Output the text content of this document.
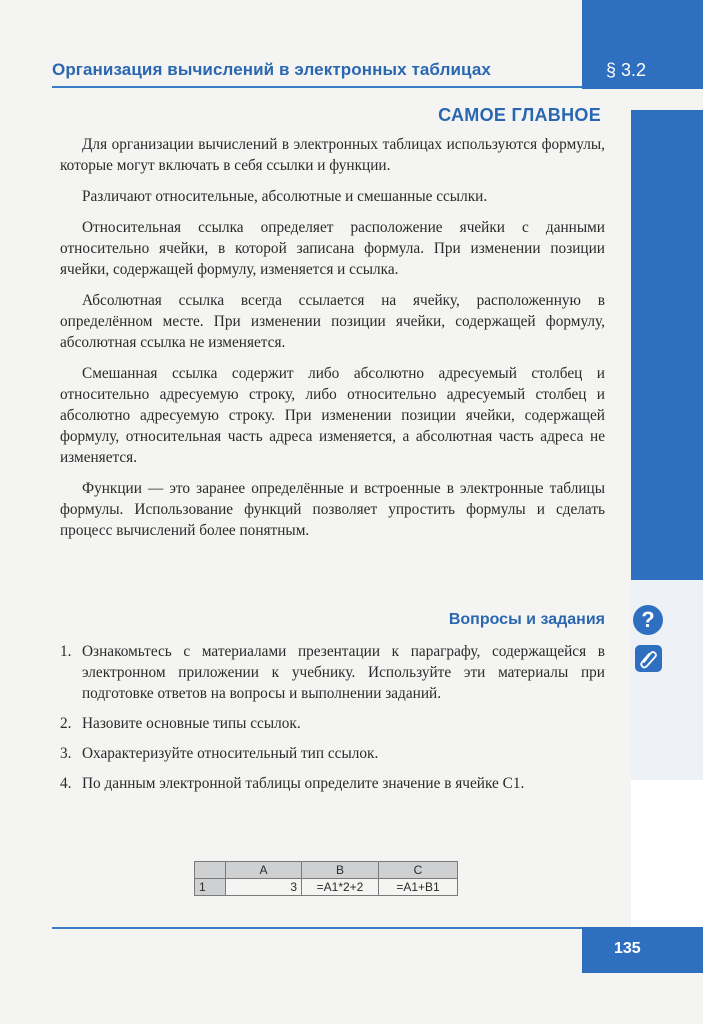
§ 3.2
Организация вычислений в электронных таблицах
САМОЕ ГЛАВНОЕ

Для организации вычислений в электронных таблицах используются формулы, которые могут включать в себя ссылки и функции.

Различают относительные, абсолютные и смешанные ссылки.

Относительная ссылка определяет расположение ячейки с данными относительно ячейки, в которой записана формула. При изменении позиции ячейки, содержащей формулу, изменяется и ссылка.

Абсолютная ссылка всегда ссылается на ячейку, расположенную в определённом месте. При изменении позиции ячейки, содержащей формулу, абсолютная ссылка не изменяется.

Смешанная ссылка содержит либо абсолютно адресуемый столбец и относительно адресуемую строку, либо относительно адресуемый столбец и абсолютно адресуемую строку. При изменении позиции ячейки, содержащей формулу, относительная часть адреса изменяется, а абсолютная часть адреса не изменяется.

Функции — это заранее определённые и встроенные в электронные таблицы формулы. Использование функций позволяет упростить формулы и сделать процесс вычислений более понятным.

Вопросы и задания	?
1. Ознакомьтесь с материалами презентации к параграфу, содержащейся в электронном приложении к учебнику. Используйте эти материалы при подготовке ответов на вопросы и выполнении заданий.
2. Назовите основные типы ссылок.
3. Охарактеризуйте относительный тип ссылок.
4. По данным электронной таблицы определите значение в ячейке C1.
	A	B	C
1	3	=A1*2+2	=A1+B1
135
